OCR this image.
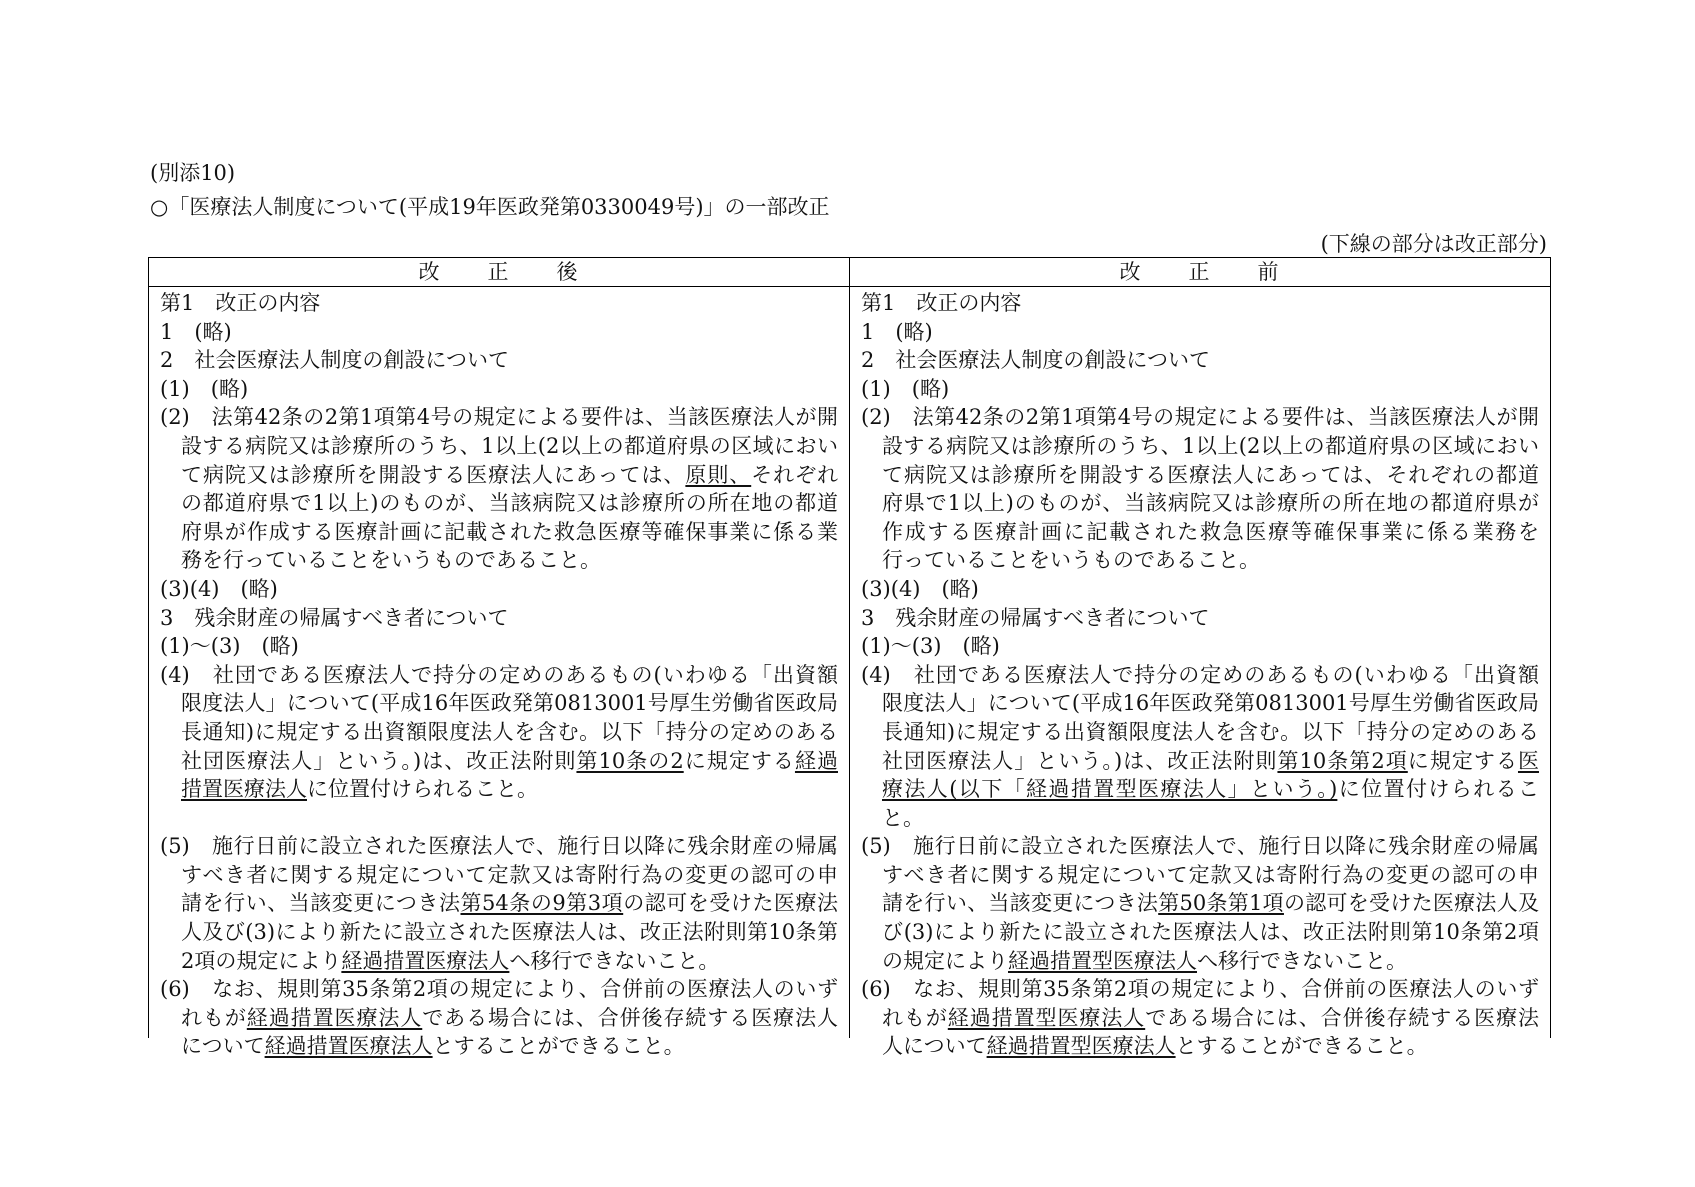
(別添10)
○「医療法人制度について(平成19年医政発第0330049号)」の一部改正
(下線の部分は改正部分)
改　　正　　後	改　　正　　前
第1　改正の内容
1　(略)
2　社会医療法人制度の創設について
(1)　(略)
(2)　法第42条の2第1項第4号の規定による要件は、当該医療法人が開
設する病院又は診療所のうち、1以上(2以上の都道府県の区域におい
て病院又は診療所を開設する医療法人にあっては、原則、それぞれ
の都道府県で1以上)のものが、当該病院又は診療所の所在地の都道
府県が作成する医療計画に記載された救急医療等確保事業に係る業
務を行っていることをいうものであること。
(3)(4)　(略)
3　残余財産の帰属すべき者について
(1)～(3)　(略)
(4)　社団である医療法人で持分の定めのあるもの(いわゆる「出資額
限度法人」について(平成16年医政発第0813001号厚生労働省医政局
長通知)に規定する出資額限度法人を含む。以下「持分の定めのある
社団医療法人」という。)は、改正法附則第10条の2に規定する経過
措置医療法人に位置付けられること。
(5)　施行日前に設立された医療法人で、施行日以降に残余財産の帰属
すべき者に関する規定について定款又は寄附行為の変更の認可の申
請を行い、当該変更につき法第54条の9第3項の認可を受けた医療法
人及び(3)により新たに設立された医療法人は、改正法附則第10条第
2項の規定により経過措置医療法人へ移行できないこと。
(6)　なお、規則第35条第2項の規定により、合併前の医療法人のいず
れもが経過措置医療法人である場合には、合併後存続する医療法人
について経過措置医療法人とすることができること。
第1　改正の内容
1　(略)
2　社会医療法人制度の創設について
(1)　(略)
(2)　法第42条の2第1項第4号の規定による要件は、当該医療法人が開
設する病院又は診療所のうち、1以上(2以上の都道府県の区域におい
て病院又は診療所を開設する医療法人にあっては、それぞれの都道
府県で1以上)のものが、当該病院又は診療所の所在地の都道府県が
作成する医療計画に記載された救急医療等確保事業に係る業務を
行っていることをいうものであること。
(3)(4)　(略)
3　残余財産の帰属すべき者について
(1)～(3)　(略)
(4)　社団である医療法人で持分の定めのあるもの(いわゆる「出資額
限度法人」について(平成16年医政発第0813001号厚生労働省医政局
長通知)に規定する出資額限度法人を含む。以下「持分の定めのある
社団医療法人」という。)は、改正法附則第10条第2項に規定する医
療法人(以下「経過措置型医療法人」という。)に位置付けられるこ
と。
(5)　施行日前に設立された医療法人で、施行日以降に残余財産の帰属
すべき者に関する規定について定款又は寄附行為の変更の認可の申
請を行い、当該変更につき法第50条第1項の認可を受けた医療法人及
び(3)により新たに設立された医療法人は、改正法附則第10条第2項
の規定により経過措置型医療法人へ移行できないこと。
(6)　なお、規則第35条第2項の規定により、合併前の医療法人のいず
れもが経過措置型医療法人である場合には、合併後存続する医療法
人について経過措置型医療法人とすることができること。
